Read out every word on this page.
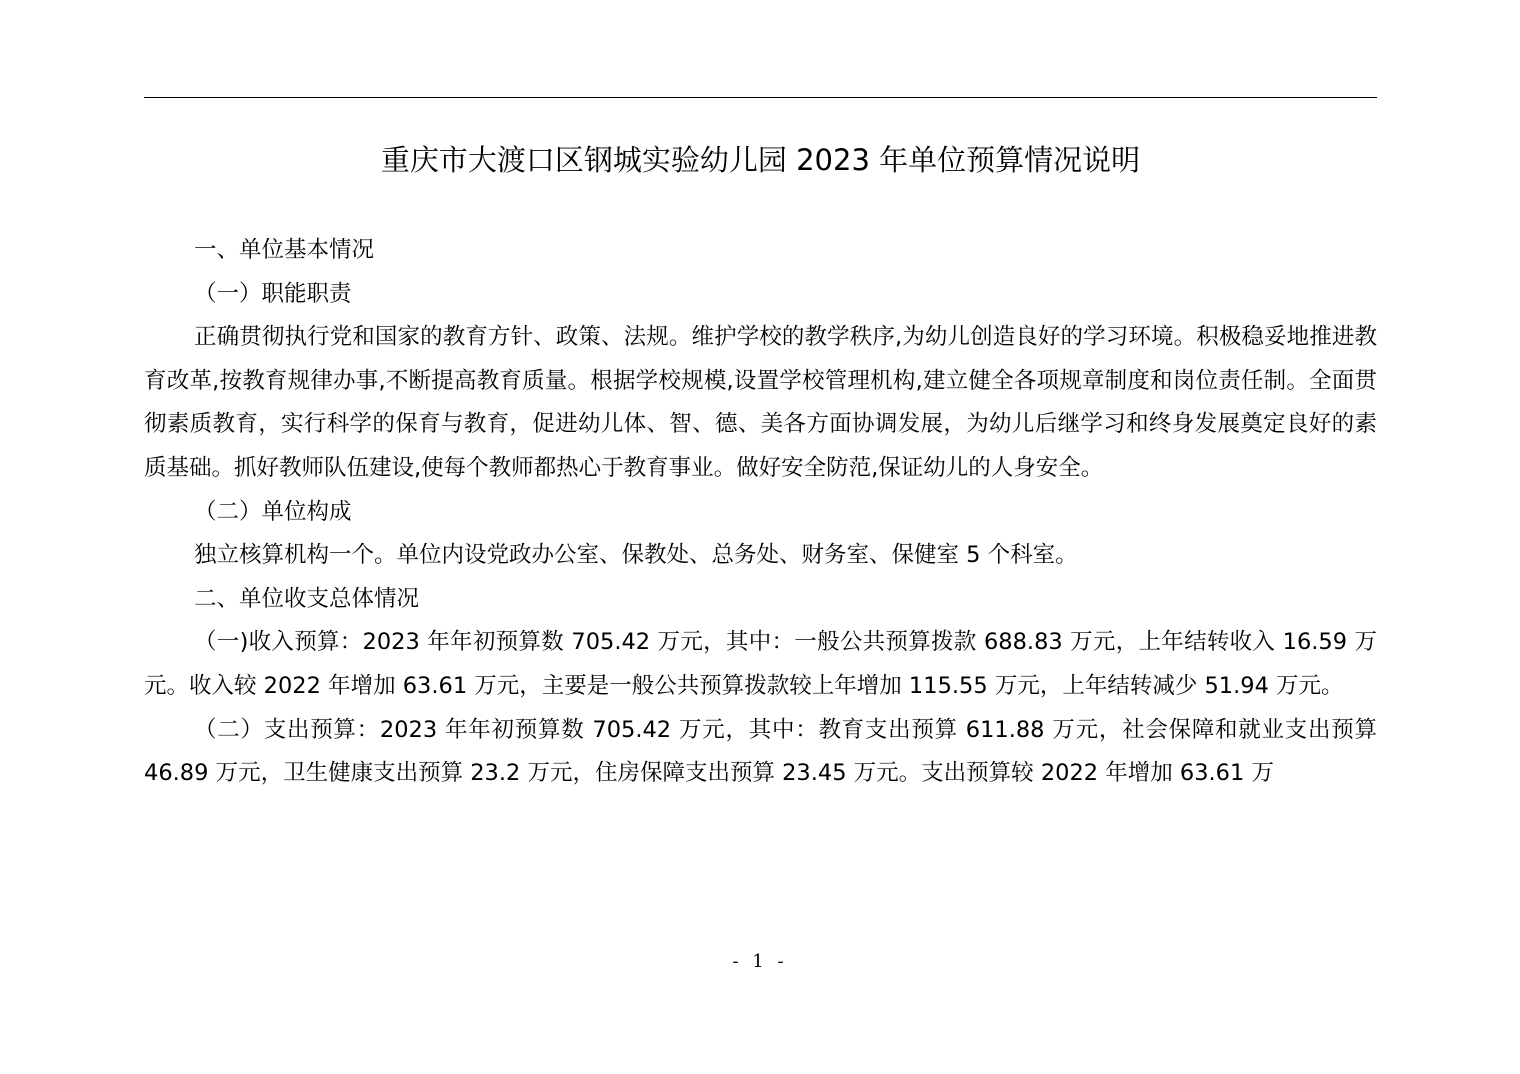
重庆市大渡口区钢城实验幼儿园 2023 年单位预算情况说明

一、单位基本情况

（一）职能职责

正确贯彻执行党和国家的教育方针、政策、法规。维护学校的教学秩序,为幼儿创造良好的学习环境。积极稳妥地推进教育改革,按教育规律办事,不断提高教育质量。根据学校规模,设置学校管理机构,建立健全各项规章制度和岗位责任制。全面贯彻素质教育，实行科学的保育与教育，促进幼儿体、智、德、美各方面协调发展，为幼儿后继学习和终身发展奠定良好的素质基础。抓好教师队伍建设,使每个教师都热心于教育事业。做好安全防范,保证幼儿的人身安全。

（二）单位构成

独立核算机构一个。单位内设党政办公室、保教处、总务处、财务室、保健室 5 个科室。

二、单位收支总体情况

（一)收入预算：2023 年年初预算数 705.42 万元，其中：一般公共预算拨款 688.83 万元，上年结转收入 16.59 万元。收入较 2022 年增加 63.61 万元，主要是一般公共预算拨款较上年增加 115.55 万元，上年结转减少 51.94 万元。

（二）支出预算：2023 年年初预算数 705.42 万元，其中：教育支出预算 611.88 万元，社会保障和就业支出预算 46.89 万元，卫生健康支出预算 23.2 万元，住房保障支出预算 23.45 万元。支出预算较 2022 年增加 63.61 万

- 1 -
